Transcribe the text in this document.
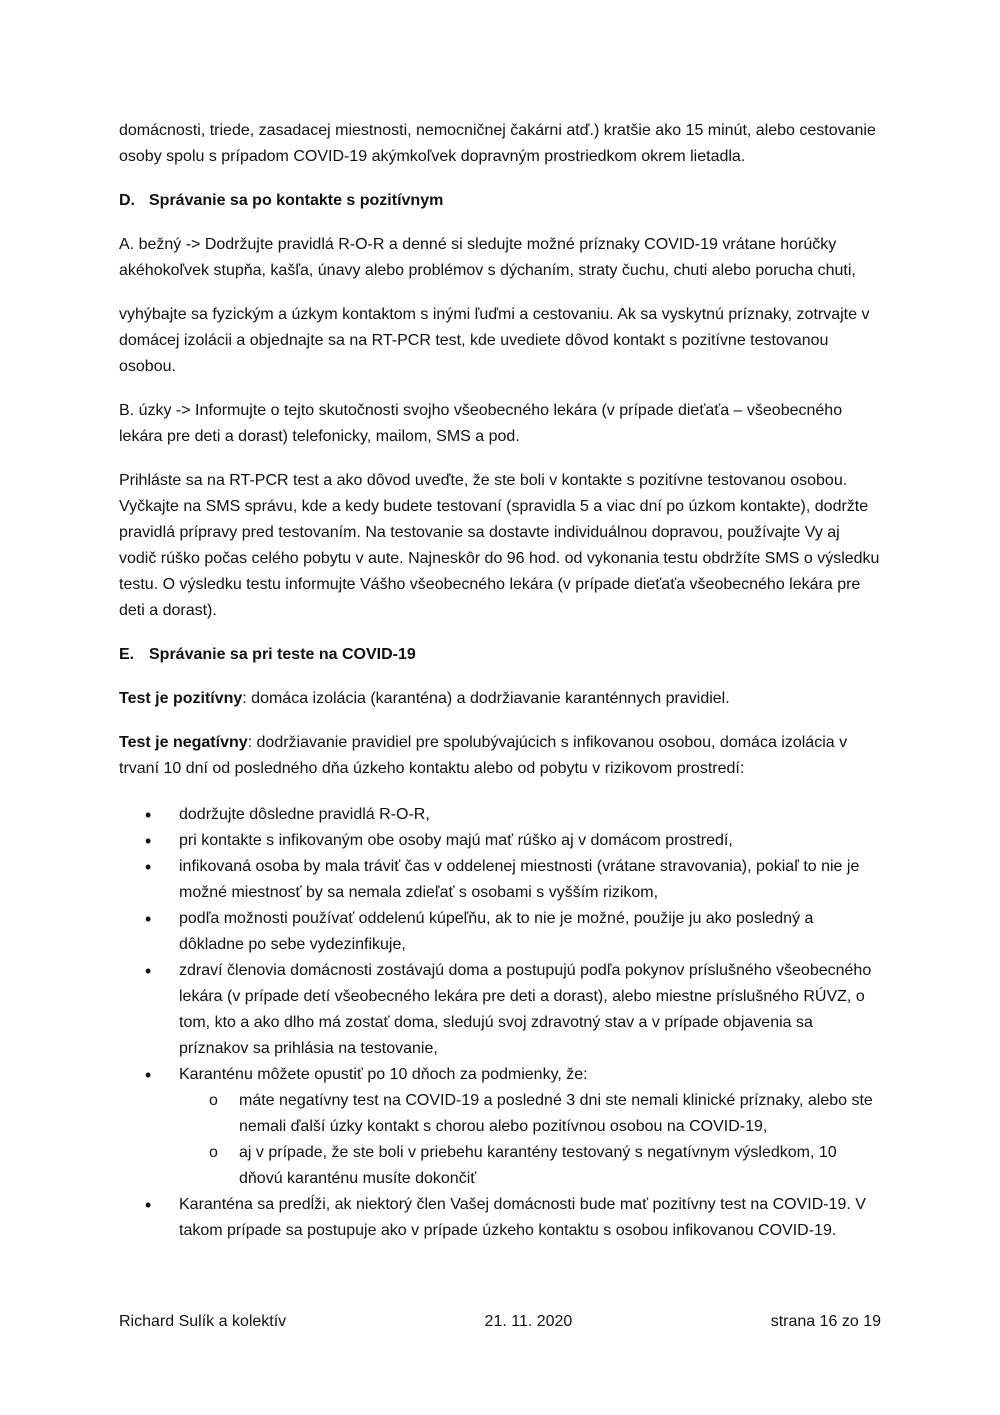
domácnosti, triede, zasadacej miestnosti, nemocničnej čakárni atď.) kratšie ako 15 minút, alebo cestovanie osoby spolu s prípadom COVID-19 akýmkoľvek dopravným prostriedkom okrem lietadla.

D. Správanie sa po kontakte s pozitívnym

A. bežný -> Dodržujte pravidlá R-O-R a denné si sledujte možné príznaky COVID-19 vrátane horúčky akéhokoľvek stupňa, kašľa, únavy alebo problémov s dýchaním, straty čuchu, chuti alebo porucha chuti,

vyhýbajte sa fyzickým a úzkym kontaktom s inými ľuďmi a cestovaniu. Ak sa vyskytnú príznaky, zotrvajte v domácej izolácii a objednajte sa na RT-PCR test, kde uvediete dôvod kontakt s pozitívne testovanou osobou.

B. úzky -> Informujte o tejto skutočnosti svojho všeobecného lekára (v prípade dieťaťa – všeobecného lekára pre deti a dorast) telefonicky, mailom, SMS a pod.

Prihláste sa na RT-PCR test a ako dôvod uveďte, že ste boli v kontakte s pozitívne testovanou osobou. Vyčkajte na SMS správu, kde a kedy budete testovaní (spravidla 5 a viac dní po úzkom kontakte), dodržte pravidlá prípravy pred testovaním. Na testovanie sa dostavte individuálnou dopravou, používajte Vy aj vodič rúško počas celého pobytu v aute. Najneskôr do 96 hod. od vykonania testu obdržíte SMS o výsledku testu. O výsledku testu informujte Vášho všeobecného lekára (v prípade dieťaťa všeobecného lekára pre deti a dorast).

E. Správanie sa pri teste na COVID-19

Test je pozitívny: domáca izolácia (karanténa) a dodržiavanie karanténnych pravidiel.

Test je negatívny: dodržiavanie pravidiel pre spolubývajúcich s infikovanou osobou, domáca izolácia v trvaní 10 dní od posledného dňa úzkeho kontaktu alebo od pobytu v rizikovom prostredí:

• dodržujte dôsledne pravidlá R-O-R,
• pri kontakte s infikovaným obe osoby majú mať rúško aj v domácom prostredí,
• infikovaná osoba by mala tráviť čas v oddelenej miestnosti (vrátane stravovania), pokiaľ to nie je možné miestnosť by sa nemala zdieľať s osobami s vyšším rizikom,
• podľa možnosti používať oddelenú kúpeľňu, ak to nie je možné, použije ju ako posledný a dôkladne po sebe vydezinfikuje,
• zdraví členovia domácnosti zostávajú doma a postupujú podľa pokynov príslušného všeobecného lekára (v prípade detí všeobecného lekára pre deti a dorast), alebo miestne príslušného RÚVZ, o tom, kto a ako dlho má zostať doma, sledujú svoj zdravotný stav a v prípade objavenia sa príznakov sa prihlásia na testovanie,
• Karanténu môžete opustiť po 10 dňoch za podmienky, že:
o máte negatívny test na COVID-19 a posledné 3 dni ste nemali klinické príznaky, alebo ste nemali ďalší úzky kontakt s chorou alebo pozitívnou osobou na COVID-19,
o aj v prípade, že ste boli v priebehu karantény testovaný s negatívnym výsledkom, 10 dňovú karanténu musíte dokončiť
• Karanténa sa predĺži, ak niektorý člen Vašej domácnosti bude mať pozitívny test na COVID-19. V takom prípade sa postupuje ako v prípade úzkeho kontaktu s osobou infikovanou COVID-19.
Richard Sulík a kolektív	21. 11. 2020	strana 16 zo 19
